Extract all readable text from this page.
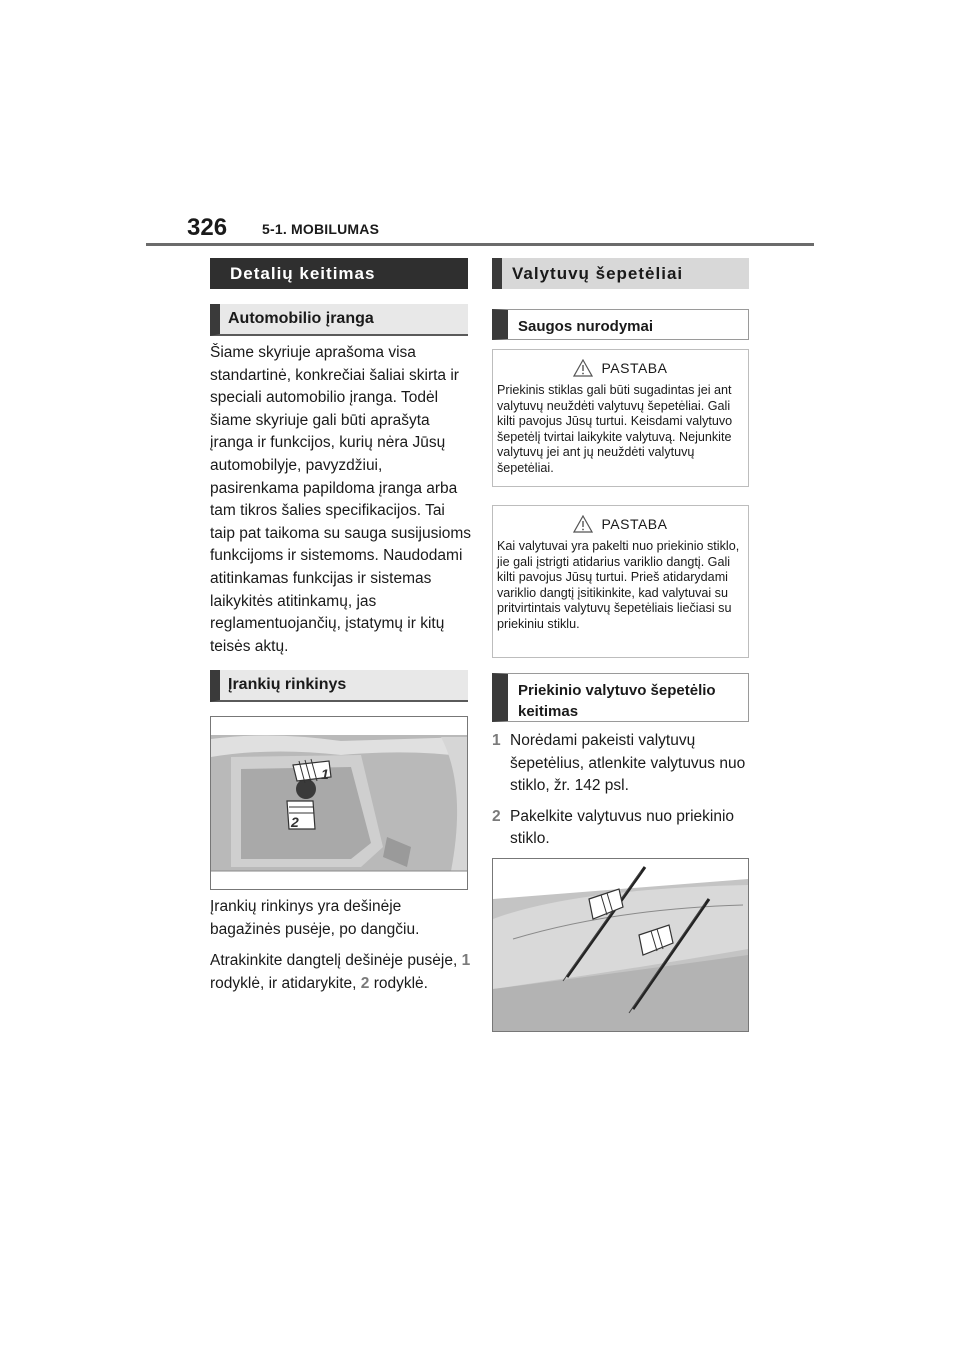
326 5-1. MOBILUMAS
Detalių keitimas
Automobilio įranga
Šiame skyriuje aprašoma visa standartinė, konkrečiai šaliai skirta ir speciali automobilio įranga. Todėl šiame skyriuje gali būti aprašyta įranga ir funkcijos, kurių nėra Jūsų automobilyje, pavyzdžiui, pasirenkama papildoma įranga arba tam tikros šalies specifikacijos. Tai taip pat taikoma su sauga susijusioms funkcijoms ir sistemoms. Naudodami atitinkamas funkcijas ir sistemas laikykitės atitinkamų, jas reglamentuojančių, įstatymų ir kitų teisės aktų.
Įrankių rinkinys
1
2

Įrankių rinkinys yra dešinėje bagažinės pusėje, po dangčiu.

Atrakinkite dangtelį dešinėje pusėje, 1 rodyklė, ir atidarykite, 2 rodyklė.

Valytuvų šepetėliai
Saugos nurodymai
PASTABA
Priekinis stiklas gali būti sugadintas jei ant valytuvų neuždėti valytuvų šepetėliai. Gali kilti pavojus Jūsų turtui. Keisdami valytuvo šepetėlį tvirtai laikykite valytuvą. Nejunkite valytuvų jei ant jų neuždėti valytuvų šepetėliai.
PASTABA
Kai valytuvai yra pakelti nuo priekinio stiklo, jie gali įstrigti atidarius variklio dangtį. Gali kilti pavojus Jūsų turtui. Prieš atidarydami variklio dangtį įsitikinkite, kad valytuvai su pritvirtintais valytuvų šepetėliais liečiasi su priekiniu stiklu.
Priekinio valytuvo šepetėlio keitimas
1 Norėdami pakeisti valytuvų šepetėlius, atlenkite valytuvus nuo stiklo, žr. 142 psl.
2 Pakelkite valytuvus nuo priekinio stiklo.
